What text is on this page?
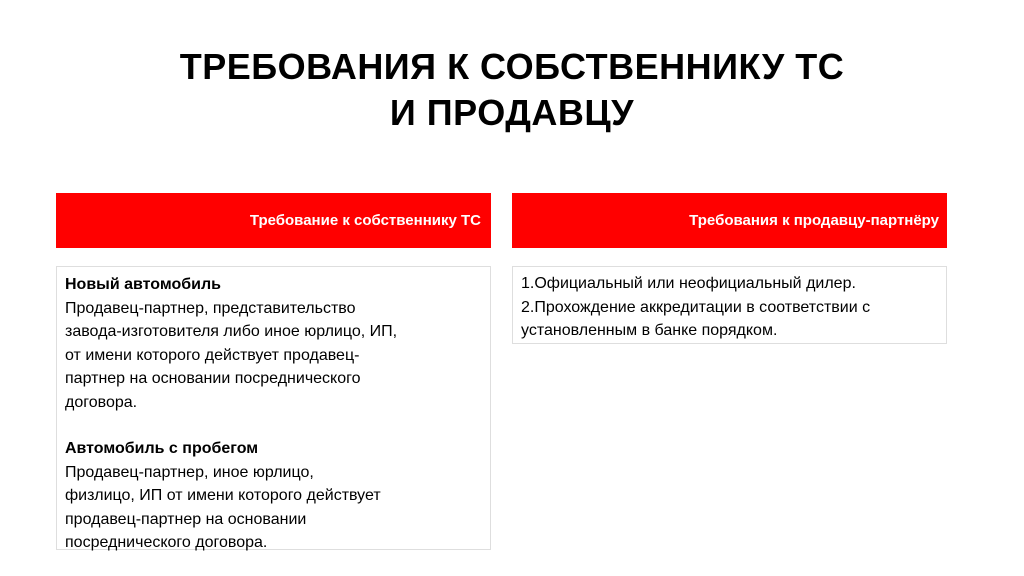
ТРЕБОВАНИЯ К СОБСТВЕННИКУ ТС
И ПРОДАВЦУ
Требование к собственнику ТС	Требования к продавцу-партнёру
Новый автомобиль
Продавец-партнер, представительство
завода-изготовителя либо иное юрлицо, ИП,
от имени которого действует продавец-
партнер на основании посреднического
договора.
Автомобиль с пробегом
Продавец-партнер, иное юрлицо,
физлицо, ИП от имени которого действует
продавец-партнер на основании
посреднического договора.
1.Официальный или неофициальный дилер.
2.Прохождение аккредитации в соответствии с
установленным в банке порядком.
